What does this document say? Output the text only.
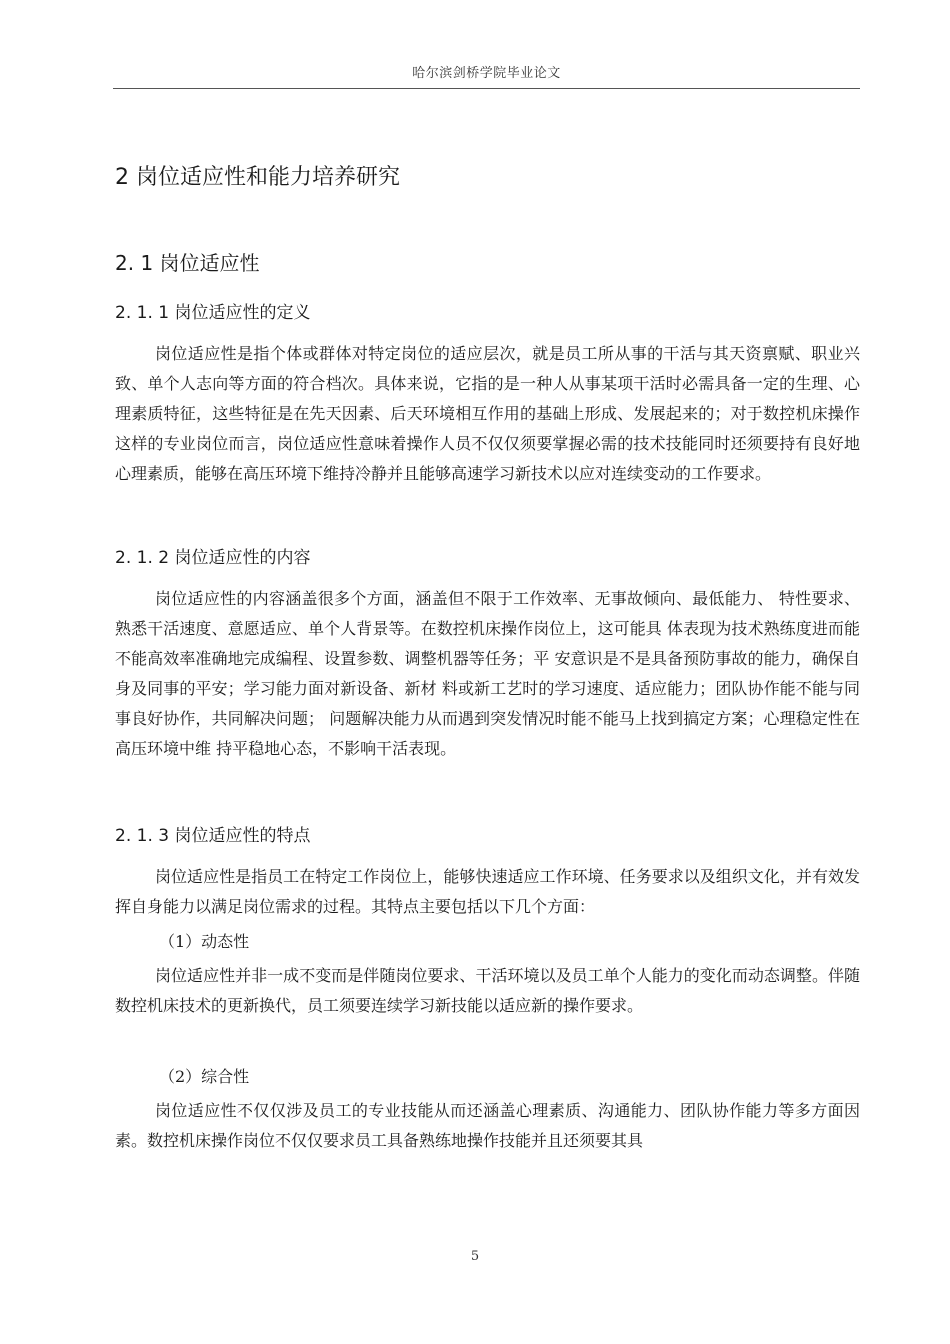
哈尔滨剑桥学院毕业论文
2 岗位适应性和能力培养研究
2. 1 岗位适应性
2. 1. 1 岗位适应性的定义
岗位适应性是指个体或群体对特定岗位的适应层次，就是员工所从事的干活与其天资禀赋、职业兴致、单个人志向等方面的符合档次。具体来说，它指的是一种人从事某项干活时必需具备一定的生理、心理素质特征，这些特征是在先天因素、后天环境相互作用的基础上形成、发展起来的；对于数控机床操作这样的专业岗位而言，岗位适应性意味着操作人员不仅仅须要掌握必需的技术技能同时还须要持有良好地心理素质，能够在高压环境下维持冷静并且能够高速学习新技术以应对连续变动的工作要求。
2. 1. 2 岗位适应性的内容
岗位适应性的内容涵盖很多个方面，涵盖但不限于工作效率、无事故倾向、最低能力、 特性要求、熟悉干活速度、意愿适应、单个人背景等。在数控机床操作岗位上，这可能具 体表现为技术熟练度进而能不能高效率准确地完成编程、设置参数、调整机器等任务；平 安意识是不是具备预防事故的能力，确保自身及同事的平安；学习能力面对新设备、新材 料或新工艺时的学习速度、适应能力；团队协作能不能与同事良好协作，共同解决问题； 问题解决能力从而遇到突发情况时能不能马上找到搞定方案；心理稳定性在高压环境中维 持平稳地心态，不影响干活表现。
2. 1. 3 岗位适应性的特点
岗位适应性是指员工在特定工作岗位上，能够快速适应工作环境、任务要求以及组织文化，并有效发挥自身能力以满足岗位需求的过程。其特点主要包括以下几个方面：
（1）动态性
岗位适应性并非一成不变而是伴随岗位要求、干活环境以及员工单个人能力的变化而动态调整。伴随数控机床技术的更新换代，员工须要连续学习新技能以适应新的操作要求。
（2）综合性
岗位适应性不仅仅涉及员工的专业技能从而还涵盖心理素质、沟通能力、团队协作能力等多方面因素。数控机床操作岗位不仅仅要求员工具备熟练地操作技能并且还须要其具
5
